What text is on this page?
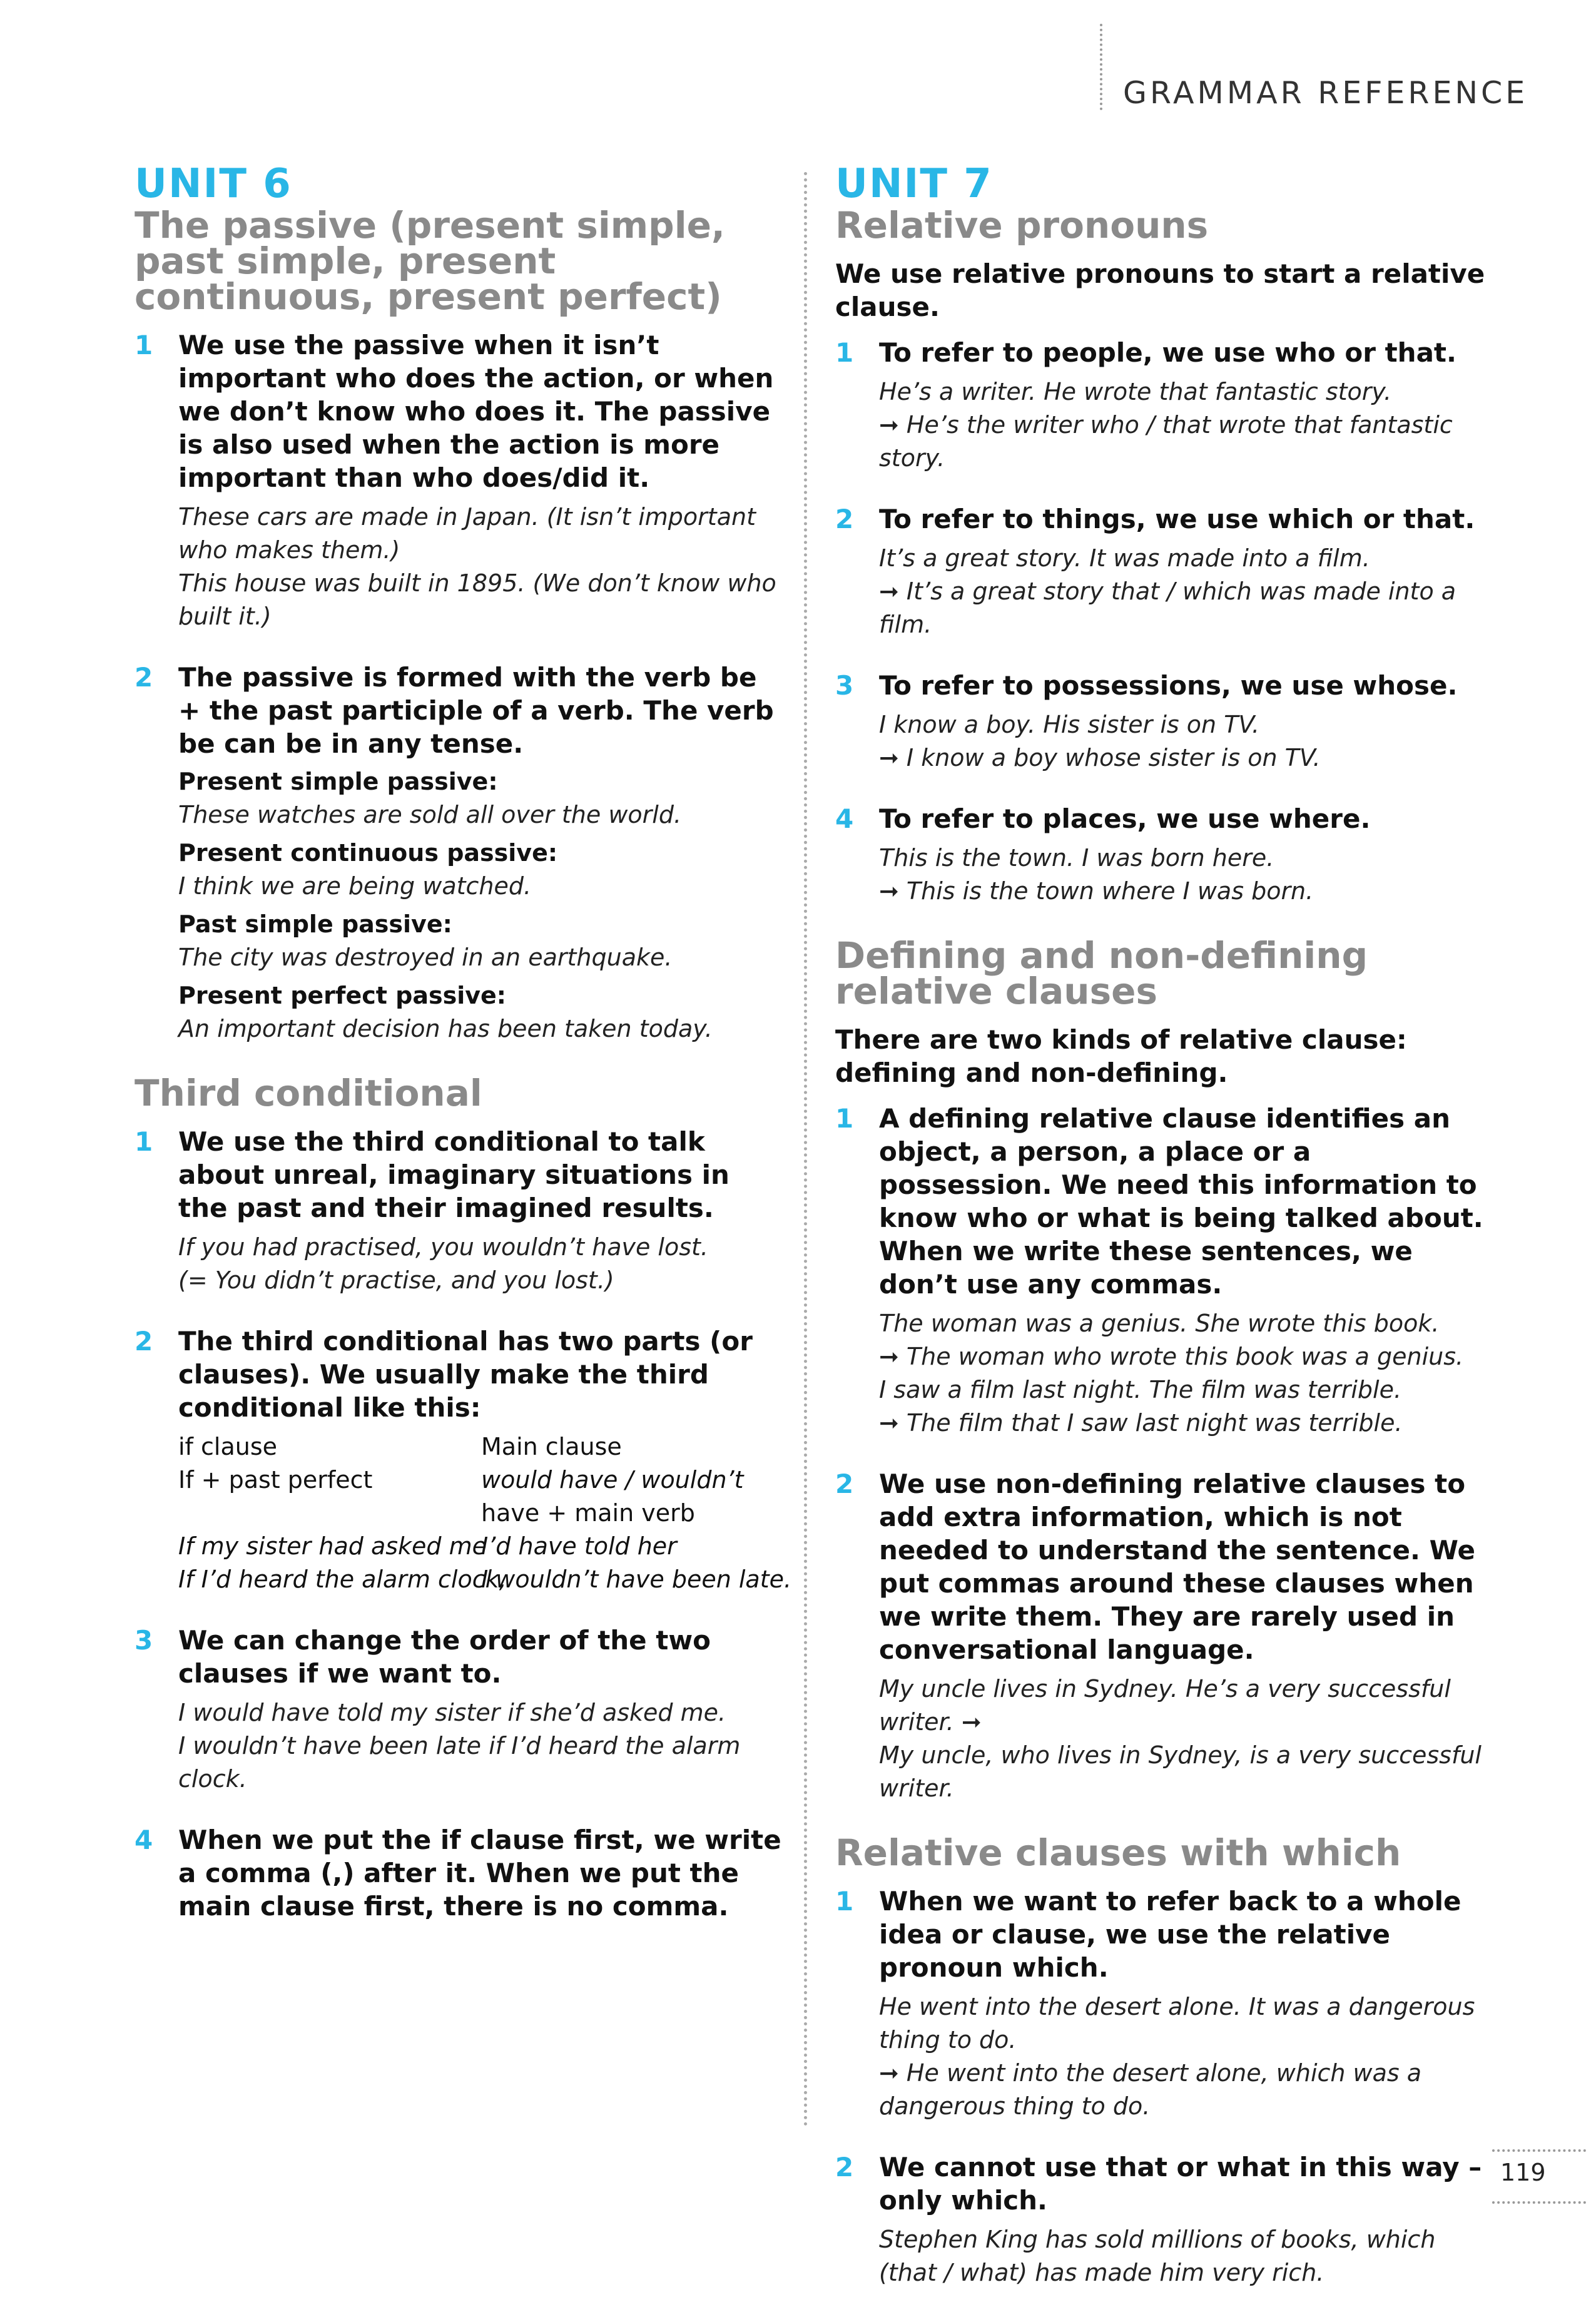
GRAMMAR REFERENCE
UNIT 6
The passive (present simple, past simple, present continuous, present perfect)
1 We use the passive when it isn’t important who does the action, or when we don’t know who does it. The passive is also used when the action is more important than who does/did it.
These cars are made in Japan. (It isn’t important who makes them.)
This house was built in 1895. (We don’t know who built it.)
2 The passive is formed with the verb be + the past participle of a verb. The verb be can be in any tense.
Present simple passive:
These watches are sold all over the world.
Present continuous passive:
I think we are being watched.
Past simple passive:
The city was destroyed in an earthquake.
Present perfect passive:
An important decision has been taken today.
Third conditional
1 We use the third conditional to talk about unreal, imaginary situations in the past and their imagined results.
If you had practised, you wouldn’t have lost.
(= You didn’t practise, and you lost.)
2 The third conditional has two parts (or clauses). We usually make the third conditional like this:
if clause	Main clause
If + past perfect	would have / wouldn’t
have + main verb
If my sister had asked me
I’d have told her
If I’d heard the alarm clock,
I wouldn’t have been late.
3 We can change the order of the two clauses if we want to.
I would have told my sister if she’d asked me.
I wouldn’t have been late if I’d heard the alarm clock.
4 When we put the if clause first, we write a comma (,) after it. When we put the main clause first, there is no comma.
UNIT 7
Relative pronouns
We use relative pronouns to start a relative clause.
1 To refer to people, we use who or that.
He’s a writer. He wrote that fantastic story.
➞ He’s the writer who / that wrote that fantastic story.
2 To refer to things, we use which or that.
It’s a great story. It was made into a film.
➞ It’s a great story that / which was made into a film.
3 To refer to possessions, we use whose.
I know a boy. His sister is on TV.
➞ I know a boy whose sister is on TV.
4 To refer to places, we use where.
This is the town. I was born here.
➞ This is the town where I was born.
Defining and non-defining relative clauses
There are two kinds of relative clause: defining and non-defining.
1 A defining relative clause identifies an object, a person, a place or a possession. We need this information to know who or what is being talked about. When we write these sentences, we don’t use any commas.
The woman was a genius. She wrote this book.
➞ The woman who wrote this book was a genius.
I saw a film last night. The film was terrible.
➞ The film that I saw last night was terrible.
2 We use non-defining relative clauses to add extra information, which is not needed to understand the sentence. We put commas around these clauses when we write them. They are rarely used in conversational language.
My uncle lives in Sydney. He’s a very successful writer. ➞
My uncle, who lives in Sydney, is a very successful writer.
Relative clauses with which
1 When we want to refer back to a whole idea or clause, we use the relative pronoun which.
He went into the desert alone. It was a dangerous thing to do.
➞ He went into the desert alone, which was a dangerous thing to do.
2 We cannot use that or what in this way – only which.
Stephen King has sold millions of books, which (that / what) has made him very rich.
119
